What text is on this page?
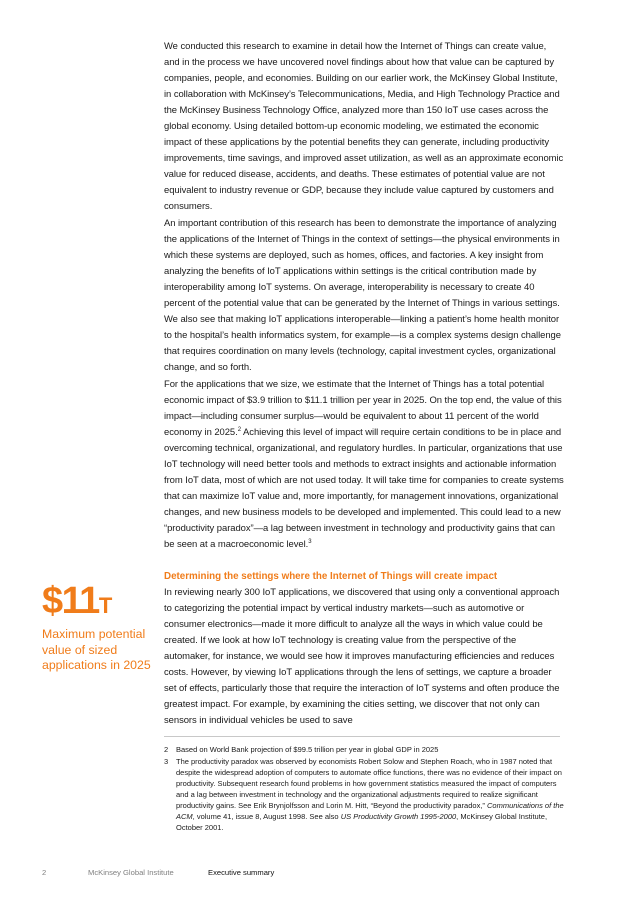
We conducted this research to examine in detail how the Internet of Things can create value, and in the process we have uncovered novel findings about how that value can be captured by companies, people, and economies. Building on our earlier work, the McKinsey Global Institute, in collaboration with McKinsey’s Telecommunications, Media, and High Technology Practice and the McKinsey Business Technology Office, analyzed more than 150 IoT use cases across the global economy. Using detailed bottom-up economic modeling, we estimated the economic impact of these applications by the potential benefits they can generate, including productivity improvements, time savings, and improved asset utilization, as well as an approximate economic value for reduced disease, accidents, and deaths. These estimates of potential value are not equivalent to industry revenue or GDP, because they include value captured by customers and consumers.

An important contribution of this research has been to demonstrate the importance of analyzing the applications of the Internet of Things in the context of settings—the physical environments in which these systems are deployed, such as homes, offices, and factories. A key insight from analyzing the benefits of IoT applications within settings is the critical contribution made by interoperability among IoT systems. On average, interoperability is necessary to create 40 percent of the potential value that can be generated by the Internet of Things in various settings. We also see that making IoT applications interoperable—linking a patient’s home health monitor to the hospital’s health informatics system, for example—is a complex systems design challenge that requires coordination on many levels (technology, capital investment cycles, organizational change, and so forth.

For the applications that we size, we estimate that the Internet of Things has a total potential economic impact of $3.9 trillion to $11.1 trillion per year in 2025. On the top end, the value of this impact—including consumer surplus—would be equivalent to about 11 percent of the world economy in 2025.$^2$ Achieving this level of impact will require certain conditions to be in place and overcoming technical, organizational, and regulatory hurdles. In particular, organizations that use IoT technology will need better tools and methods to extract insights and actionable information from IoT data, most of which are not used today. It will take time for companies to create systems that can maximize IoT value and, more importantly, for management innovations, organizational changes, and new business models to be developed and implemented. This could lead to a new “productivity paradox”—a lag between investment in technology and productivity gains that can be seen at a macroeconomic level.$^3$

Determining the settings where the Internet of Things will create impact

In reviewing nearly 300 IoT applications, we discovered that using only a conventional approach to categorizing the potential impact by vertical industry markets—such as automotive or consumer electronics—made it more difficult to analyze all the ways in which value could be created. If we look at how IoT technology is creating value from the perspective of the automaker, for instance, we would see how it improves manufacturing efficiencies and reduces costs. However, by viewing IoT applications through the lens of settings, we capture a broader set of effects, particularly those that require the interaction of IoT systems and often produce the greatest impact. For example, by examining the cities setting, we discover that not only can sensors in individual vehicles be used to save

$11T
Maximum potential value of sized applications in 2025
2	Based on World Bank projection of $99.5 trillion per year in global GDP in 2025

3	The productivity paradox was observed by economists Robert Solow and Stephen Roach, who in 1987 noted that despite the widespread adoption of computers to automate office functions, there was no evidence of their impact on productivity. Subsequent research found problems in how government statistics measured the impact of computers and a lag between investment in technology and the organizational adjustments required to realize significant productivity gains. See Erik Brynjolfsson and Lorin M. Hitt, “Beyond the productivity paradox,” Communications of the ACM, volume 41, issue 8, August 1998. See also US Productivity Growth 1995-2000, McKinsey Global Institute, October 2001.

2	McKinsey Global Institute	Executive summary
